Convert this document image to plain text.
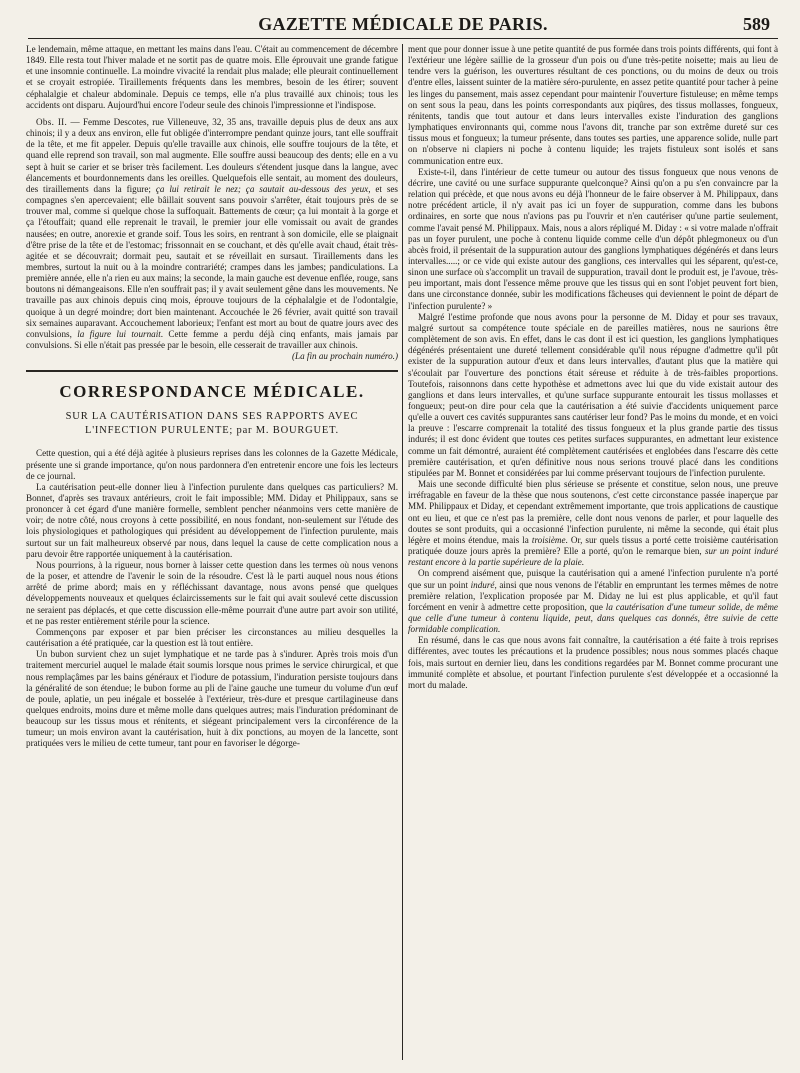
GAZETTE MÉDICALE DE PARIS.	589

Le lendemain, même attaque, en mettant les mains dans l'eau. C'était au commencement de décembre 1849. Elle resta tout l'hiver malade et ne sortit pas de quatre mois. Elle éprouvait une grande fatigue et une insomnie continuelle. La moindre vivacité la rendait plus malade; elle pleurait continuellement et se croyait estropiée. Tiraillements fréquents dans les membres, besoin de les étirer; souvent céphalalgie et chaleur abdominale. Depuis ce temps, elle n'a plus travaillé aux chinois; tous les accidents ont disparu. Aujourd'hui encore l'odeur seule des chinois l'impressionne et l'indispose.

Obs. II. — Femme Descotes, rue Villeneuve, 32, 35 ans, travaille depuis plus de deux ans aux chinois; il y a deux ans environ, elle fut obligée d'interrompre pendant quinze jours, tant elle souffrait de la tête, et me fit appeler. Depuis qu'elle travaille aux chinois, elle souffre toujours de la tête, et quand elle reprend son travail, son mal augmente. Elle souffre aussi beaucoup des dents; elle en a vu sept à huit se carier et se briser très facilement. Les douleurs s'étendent jusque dans la langue, avec élancements et bourdonnements dans les oreilles. Quelquefois elle sentait, au moment des douleurs, des tiraillements dans la figure; ça lui retirait le nez; ça sautait au-dessous des yeux, et ses compagnes s'en apercevaient; elle bâillait souvent sans pouvoir s'arrêter, était toujours près de se trouver mal, comme si quelque chose la suffoquait. Battements de cœur; ça lui montait à la gorge et ça l'étouffait; quand elle reprenait le travail, le premier jour elle vomissait ou avait de grandes nausées; en outre, anorexie et grande soif. Tous les soirs, en rentrant à son domicile, elle se plaignait d'être prise de la tête et de l'estomac; frissonnait en se couchant, et dès qu'elle avait chaud, était très-agitée et se découvrait; dormait peu, sautait et se réveillait en sursaut. Tiraillements dans les membres, surtout la nuit ou à la moindre contrariété; crampes dans les jambes; pandiculations. La première année, elle n'a rien eu aux mains; la seconde, la main gauche est devenue enflée, rouge, sans boutons ni démangeaisons. Elle n'en souffrait pas; il y avait seulement gêne dans les mouvements. Ne travaille pas aux chinois depuis cinq mois, éprouve toujours de la céphalalgie et de l'odontalgie, quoique à un degré moindre; dort bien maintenant. Accouchée le 26 février, avait quitté son travail six semaines auparavant. Accouchement laborieux; l'enfant est mort au bout de quatre jours avec des convulsions, la figure lui tournait. Cette femme a perdu déjà cinq enfants, mais jamais par convulsions. Si elle n'était pas pressée par le besoin, elle cesserait de travailler aux chinois.

(La fin au prochain numéro.)

CORRESPONDANCE MÉDICALE.
SUR LA CAUTÉRISATION DANS SES RAPPORTS AVEC L'INFECTION PURULENTE; par M. BOURGUET.

Cette question, qui a été déjà agitée à plusieurs reprises dans les colonnes de la Gazette Médicale, présente une si grande importance, qu'on nous pardonnera d'en entretenir encore une fois les lecteurs de ce journal.

La cautérisation peut-elle donner lieu à l'infection purulente dans quelques cas particuliers? M. Bonnet, d'après ses travaux antérieurs, croit le fait impossible; MM. Diday et Philippaux, sans se prononcer à cet égard d'une manière formelle, semblent pencher néanmoins vers cette manière de voir; de notre côté, nous croyons à cette possibilité, en nous fondant, non-seulement sur l'étude des lois physiologiques et pathologiques qui président au développement de l'infection purulente, mais surtout sur un fait malheureux observé par nous, dans lequel la cause de cette complication nous a paru devoir être rapportée uniquement à la cautérisation.

Nous pourrions, à la rigueur, nous borner à laisser cette question dans les termes où nous venons de la poser, et attendre de l'avenir le soin de la résoudre. C'est là le parti auquel nous nous étions arrêté de prime abord; mais en y réfléchissant davantage, nous avons pensé que quelques développements nouveaux et quelques éclaircissements sur le fait qui avait soulevé cette discussion ne seraient pas déplacés, et que cette discussion elle-même pourrait d'une autre part avoir son utilité, et ne pas rester entièrement stérile pour la science.

Commençons par exposer et par bien préciser les circonstances au milieu desquelles la cautérisation a été pratiquée, car la question est là tout entière.

Un bubon survient chez un sujet lymphatique et ne tarde pas à s'indurer. Après trois mois d'un traitement mercuriel auquel le malade était soumis lorsque nous primes le service chirurgical, et que nous remplaçâmes par les bains généraux et l'iodure de potassium, l'induration persiste toujours dans la généralité de son étendue; le bubon forme au pli de l'aine gauche une tumeur du volume d'un œuf de poule, aplatie, un peu inégale et bosselée à l'extérieur, très-dure et presque cartilagineuse dans quelques endroits, moins dure et même molle dans quelques autres; mais l'induration prédominant de beaucoup sur les tissus mous et rénitents, et siégeant principalement vers la circonférence de la tumeur; un mois environ avant la cautérisation, huit à dix ponctions, au moyen de la lancette, sont pratiquées vers le milieu de cette tumeur, tant pour en favoriser le dégorge-

ment que pour donner issue à une petite quantité de pus formée dans trois points différents, qui font à l'extérieur une légère saillie de la grosseur d'un pois ou d'une très-petite noisette; mais au lieu de tendre vers la guérison, les ouvertures résultant de ces ponctions, ou du moins de deux ou trois d'entre elles, laissent suinter de la matière séro-purulente, en assez petite quantité pour tacher à peine les linges du pansement, mais assez cependant pour maintenir l'ouverture fistuleuse; en même temps on sent sous la peau, dans les points correspondants aux piqûres, des tissus mollasses, fongueux, rénitents, tandis que tout autour et dans leurs intervalles existe l'induration des ganglions lymphatiques environnants qui, comme nous l'avons dit, tranche par son extrême dureté sur ces tissus mous et fongueux; la tumeur présente, dans toutes ses parties, une apparence solide, nulle part on n'observe ni clapiers ni poche à contenu liquide; les trajets fistuleux sont isolés et sans communication entre eux.

Existe-t-il, dans l'intérieur de cette tumeur ou autour des tissus fongueux que nous venons de décrire, une cavité ou une surface suppurante quelconque? Ainsi qu'on a pu s'en convaincre par la relation qui précède, et que nous avons eu déjà l'honneur de le faire observer à M. Philippaux, dans notre précédent article, il n'y avait pas ici un foyer de suppuration, comme dans les bubons ordinaires, en sorte que nous n'avions pas pu l'ouvrir et n'en cautériser qu'une partie seulement, comme l'avait pensé M. Philippaux. Mais, nous a alors répliqué M. Diday : « si votre malade n'offrait pas un foyer purulent, une poche à contenu liquide comme celle d'un dépôt phlegmoneux ou d'un abcès froid, il présentait de la suppuration autour des ganglions lymphatiques dégénérés et dans leurs intervalles.....; or ce vide qui existe autour des ganglions, ces intervalles qui les séparent, qu'est-ce, sinon une surface où s'accomplit un travail de suppuration, travail dont le produit est, je l'avoue, très-peu important, mais dont l'essence même prouve que les tissus qui en sont l'objet peuvent fort bien, dans une circonstance donnée, subir les modifications fâcheuses qui deviennent le point de départ de l'infection purulente? »

Malgré l'estime profonde que nous avons pour la personne de M. Diday et pour ses travaux, malgré surtout sa compétence toute spéciale en de pareilles matières, nous ne saurions être complètement de son avis. En effet, dans le cas dont il est ici question, les ganglions lymphatiques dégénérés présentaient une dureté tellement considérable qu'il nous répugne d'admettre qu'il pût exister de la suppuration autour d'eux et dans leurs intervalles, d'autant plus que la matière qui s'écoulait par l'ouverture des ponctions était séreuse et réduite à de très-faibles proportions. Toutefois, raisonnons dans cette hypothèse et admettons avec lui que du vide existait autour des ganglions et dans leurs intervalles, et qu'une surface suppurante entourait les tissus mollasses et fongueux; peut-on dire pour cela que la cautérisation a été suivie d'accidents uniquement parce qu'elle a ouvert ces cavités suppurantes sans cautériser leur fond? Pas le moins du monde, et en voici la preuve : l'escarre comprenait la totalité des tissus fongueux et la plus grande partie des tissus indurés; il est donc évident que toutes ces petites surfaces suppurantes, en admettant leur existence comme un fait démontré, auraient été complètement cautérisées et englobées dans l'escarre dès cette première cautérisation, et qu'en définitive nous nous serions trouvé placé dans les conditions stipulées par M. Bonnet et considérées par lui comme préservant toujours de l'infection purulente.

Mais une seconde difficulté bien plus sérieuse se présente et constitue, selon nous, une preuve irréfragable en faveur de la thèse que nous soutenons, c'est cette circonstance passée inaperçue par MM. Philippaux et Diday, et cependant extrêmement importante, que trois applications de caustique ont eu lieu, et que ce n'est pas la première, celle dont nous venons de parler, et pour laquelle des doutes se sont produits, qui a occasionné l'infection purulente, ni même la seconde, qui était plus légère et moins étendue, mais la troisième. Or, sur quels tissus a porté cette troisième cautérisation pratiquée douze jours après la première? Elle a porté, qu'on le remarque bien, sur un point induré restant encore à la partie supérieure de la plaie.

On comprend aisément que, puisque la cautérisation qui a amené l'infection purulente n'a porté que sur un point induré, ainsi que nous venons de l'établir en empruntant les termes mêmes de notre première relation, l'explication proposée par M. Diday ne lui est plus applicable, et qu'il faut forcément en venir à admettre cette proposition, que la cautérisation d'une tumeur solide, de même que celle d'une tumeur à contenu liquide, peut, dans quelques cas donnés, être suivie de cette formidable complication.

En résumé, dans le cas que nous avons fait connaître, la cautérisation a été faite à trois reprises différentes, avec toutes les précautions et la prudence possibles; nous nous sommes placés chaque fois, mais surtout en dernier lieu, dans les conditions regardées par M. Bonnet comme procurant une immunité complète et absolue, et pourtant l'infection purulente s'est développée et a occasionné la mort du malade.
